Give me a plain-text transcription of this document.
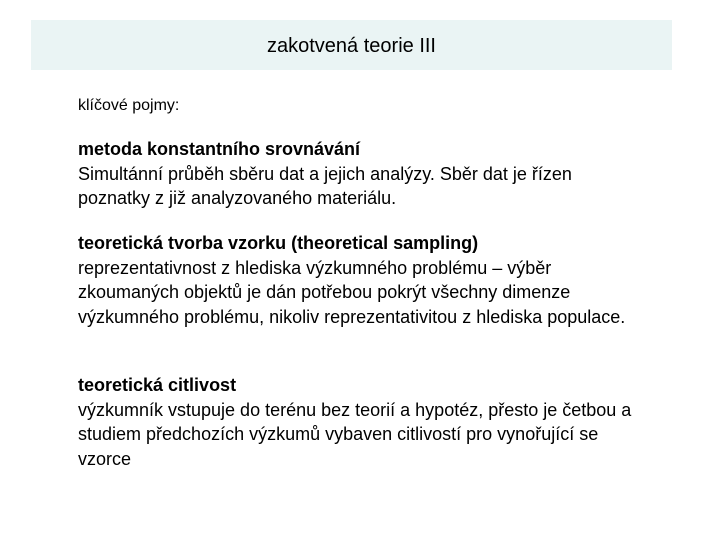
zakotvená teorie III

klíčové pojmy:

metoda konstantního srovnávání
Simultánní průběh sběru dat a jejich analýzy. Sběr dat je řízen poznatky z již analyzovaného materiálu.
teoretická tvorba vzorku (theoretical sampling)
reprezentativnost z hlediska výzkumného problému – výběr zkoumaných objektů je dán potřebou pokrýt všechny dimenze výzkumného problému, nikoliv reprezentativitou z hlediska populace.
teoretická citlivost
výzkumník vstupuje do terénu bez teorií a hypotéz, přesto je četbou a studiem předchozích výzkumů vybaven citlivostí pro vynořující se vzorce
